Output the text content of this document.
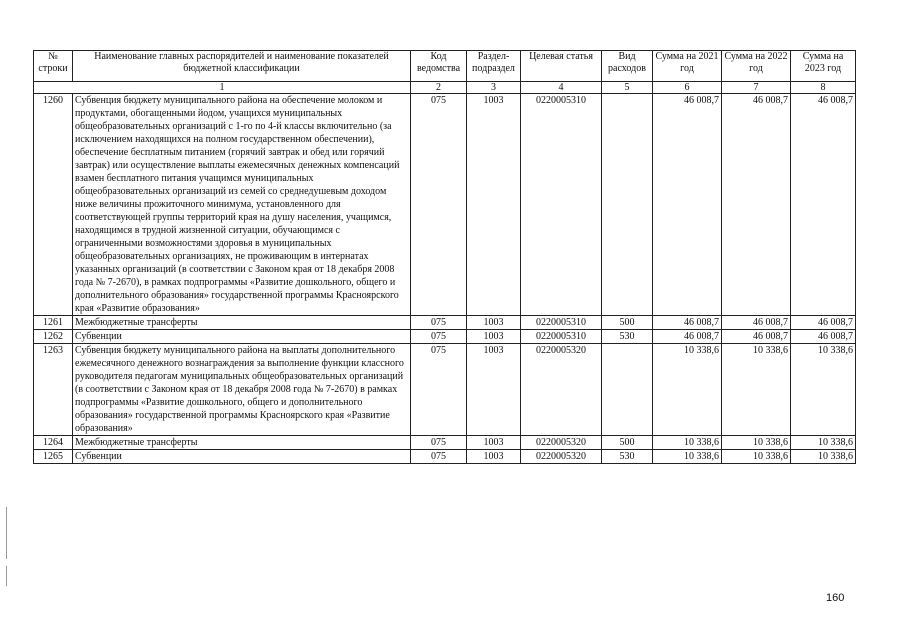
№ строки	Наименование главных распорядителей и наименование показателей бюджетной классификации	Код ведомства	Раздел-подраздел	Целевая статья	Вид расходов	Сумма на 2021 год	Сумма на 2022 год	Сумма на 2023 год
1		2	3	4	5	6	7	8
1260	Субвенция бюджету муниципального района на обеспечение молоком и продуктами, обогащенными йодом, учащихся муниципальных общеобразовательных организаций с 1-го по 4-й классы включительно (за исключением находящихся на полном государственном обеспечении), обеспечение бесплатным питанием (горячий завтрак и обед или горячий завтрак) или осуществление выплаты ежемесячных денежных компенсаций взамен бесплатного питания учащимся муниципальных общеобразовательных организаций из семей со среднедушевым доходом ниже величины прожиточного минимума, установленного для соответствующей группы территорий края на душу населения, учащимся, находящимся в трудной жизненной ситуации, обучающимся с ограниченными возможностями здоровья в муниципальных общеобразовательных организациях, не проживающим в интернатах указанных организаций (в соответствии с Законом края от 18 декабря 2008 года № 7-2670), в рамках подпрограммы «Развитие дошкольного, общего и дополнительного образования» государственной программы Красноярского края «Развитие образования»	075	1003	0220005310		46 008,7	46 008,7	46 008,7
1261	Межбюджетные трансферты	075	1003	0220005310	500	46 008,7	46 008,7	46 008,7
1262	Субвенции	075	1003	0220005310	530	46 008,7	46 008,7	46 008,7
1263	Субвенция бюджету муниципального района на выплаты дополнительного ежемесячного денежного вознаграждения за выполнение функции классного руководителя педагогам муниципальных общеобразовательных организаций (в соответствии с Законом края от 18 декабря 2008 года № 7-2670) в рамках подпрограммы «Развитие дошкольного, общего и дополнительного образования» государственной программы Красноярского края «Развитие образования»	075	1003	0220005320		10 338,6	10 338,6	10 338,6
1264	Межбюджетные трансферты	075	1003	0220005320	500	10 338,6	10 338,6	10 338,6
1265	Субвенции	075	1003	0220005320	530	10 338,6	10 338,6	10 338,6
160
